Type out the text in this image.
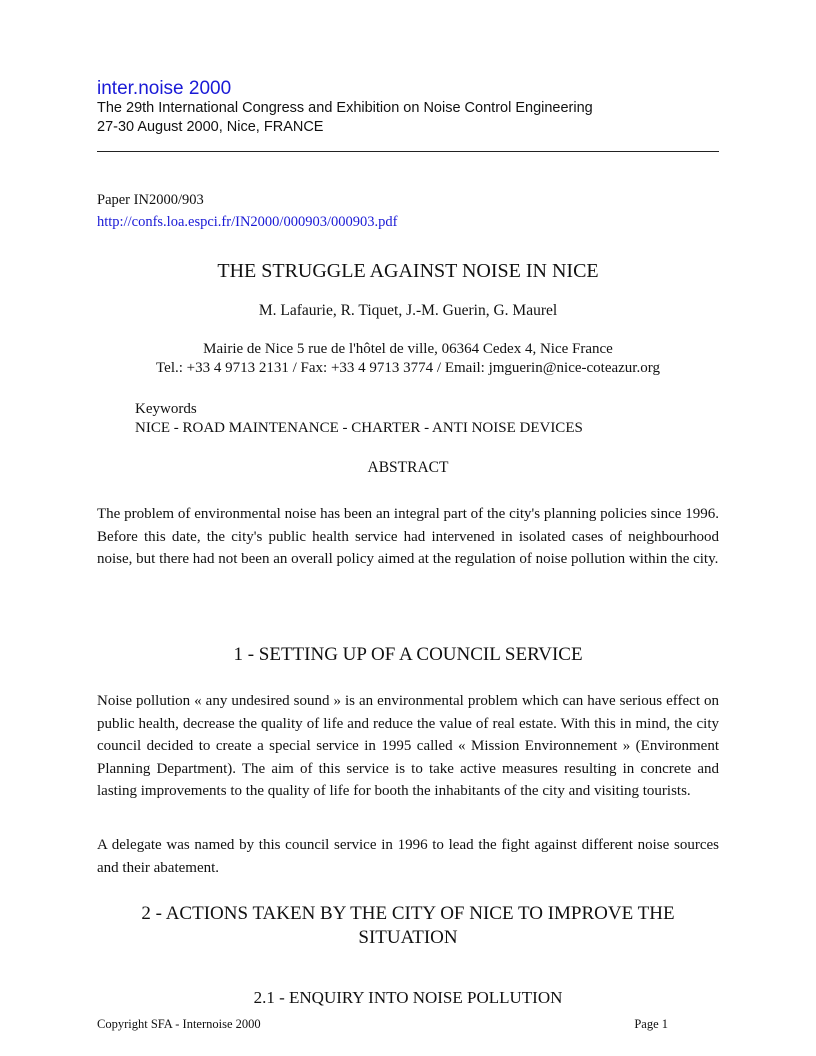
inter.noise 2000
The 29th International Congress and Exhibition on Noise Control Engineering
27-30 August 2000, Nice, FRANCE
Paper IN2000/903
http://confs.loa.espci.fr/IN2000/000903/000903.pdf
THE STRUGGLE AGAINST NOISE IN NICE
M. Lafaurie, R. Tiquet, J.-M. Guerin, G. Maurel
Mairie de Nice 5 rue de l'hôtel de ville, 06364 Cedex 4, Nice France
Tel.: +33 4 9713 2131 / Fax: +33 4 9713 3774 / Email: jmguerin@nice-coteazur.org
Keywords
NICE - ROAD MAINTENANCE - CHARTER - ANTI NOISE DEVICES
ABSTRACT

The problem of environmental noise has been an integral part of the city's planning policies since 1996. Before this date, the city's public health service had intervened in isolated cases of neighbourhood noise, but there had not been an overall policy aimed at the regulation of noise pollution within the city.

1 - SETTING UP OF A COUNCIL SERVICE

Noise pollution « any undesired sound » is an environmental problem which can have serious effect on public health, decrease the quality of life and reduce the value of real estate. With this in mind, the city council decided to create a special service in 1995 called « Mission Environnement » (Environment Planning Department). The aim of this service is to take active measures resulting in concrete and lasting improvements to the quality of life for booth the inhabitants of the city and visiting tourists.

A delegate was named by this council service in 1996 to lead the fight against different noise sources and their abatement.

2 - ACTIONS TAKEN BY THE CITY OF NICE TO IMPROVE THE SITUATION
2.1 - ENQUIRY INTO NOISE POLLUTION
Copyright SFA - Internoise 2000	Page 1
